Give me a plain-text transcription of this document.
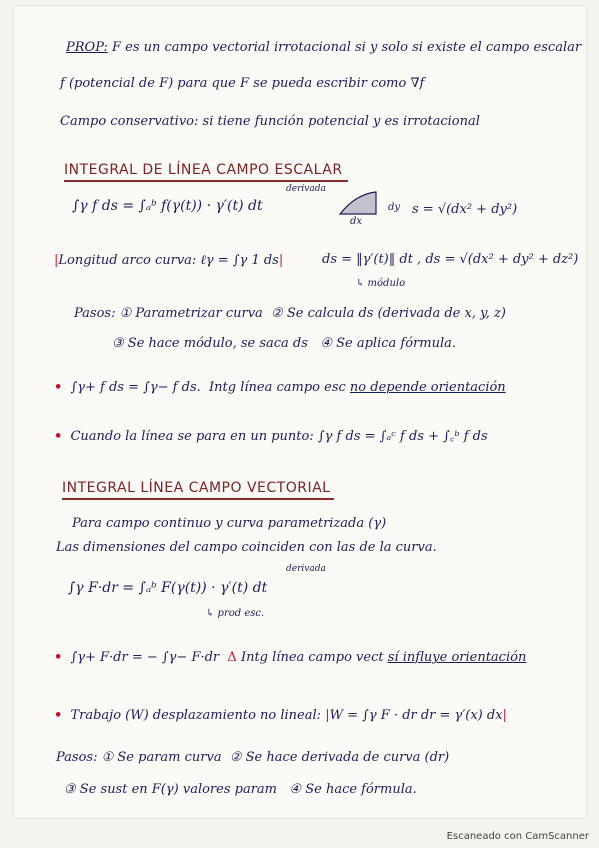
PROP: F es un campo vectorial irrotacional si y solo si existe el campo escalar
f (potencial de F) para que F se pueda escribir como ∇f
Campo conservativo: si tiene función potencial y es irrotacional
INTEGRAL DE LÍNEA CAMPO ESCALAR
derivada
∫γ f ds = ∫ₐᵇ f(γ(t)) · γ′(t) dt	dy
dx
s = √(dx² + dy²)
|Longitud arco curva: ℓγ = ∫γ 1 ds|	ds = ‖γ′(t)‖ dt , ds = √(dx² + dy² + dz²)
↳ módulo
Pasos: ① Parametrizar curva ② Se calcula ds (derivada de x, y, z)
③ Se hace módulo, se saca ds ④ Se aplica fórmula.
• ∫γ+ f ds = ∫γ− f ds. Intg línea campo esc no depende orientación
• Cuando la línea se para en un punto: ∫γ f ds = ∫ₐᶜ f ds + ∫꜀ᵇ f ds
INTEGRAL LÍNEA CAMPO VECTORIAL
Para campo continuo y curva parametrizada (γ)
Las dimensiones del campo coinciden con las de la curva.
derivada
∫γ F·dr = ∫ₐᵇ F(γ(t)) · γ′(t) dt
↳ prod esc.
• ∫γ+ F·dr = − ∫γ− F·dr Δ Intg línea campo vect sí influye orientación
• Trabajo (W) desplazamiento no lineal: |W = ∫γ F · dr dr = γ′(x) dx|
Pasos: ① Se param curva ② Se hace derivada de curva (dr)
③ Se sust en F(γ) valores param ④ Se hace fórmula.
Escaneado con CamScanner
